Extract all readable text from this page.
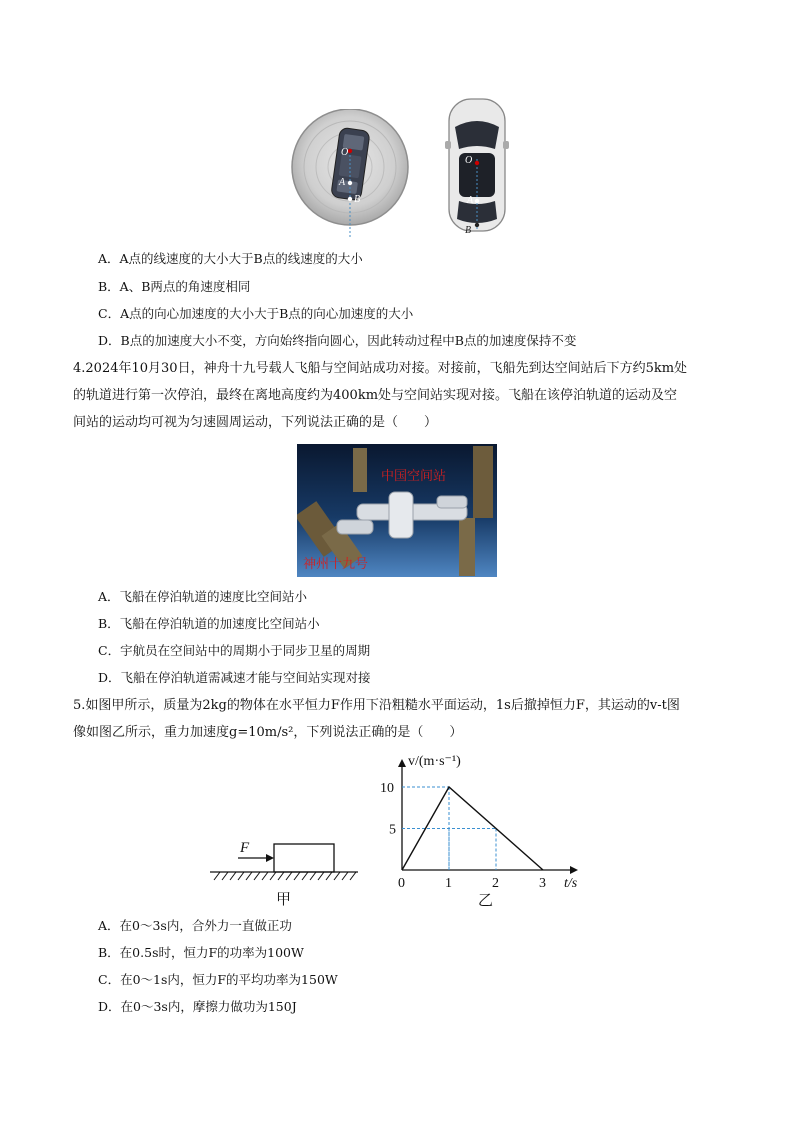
O
A
B
O
A
B
A．A点的线速度的大小大于B点的线速度的大小
B．A、B两点的角速度相同
C．A点的向心加速度的大小大于B点的向心加速度的大小
D．B点的加速度大小不变，方向始终指向圆心，因此转动过程中B点的加速度保持不变
4.2024年10月30日，神舟十九号载人飞船与空间站成功对接。对接前，飞船先到达空间站后下方约5km处
的轨道进行第一次停泊，最终在离地高度约为400km处与空间站实现对接。飞船在该停泊轨道的运动及空
间站的运动均可视为匀速圆周运动，下列说法正确的是（　　）
中国空间站
神州十九号
A．飞船在停泊轨道的速度比空间站小
B．飞船在停泊轨道的加速度比空间站小
C．宇航员在空间站中的周期小于同步卫星的周期
D．飞船在停泊轨道需减速才能与空间站实现对接
5.如图甲所示，质量为2kg的物体在水平恒力F作用下沿粗糙水平面运动，1s后撤掉恒力F，其运动的v-t图
像如图乙所示，重力加速度g=10m/s²，下列说法正确的是（　　）
F
甲
v/(m·s⁻¹)
t/s
乙
0	1	2	3
5
10
A．在0～3s内，合外力一直做正功
B．在0.5s时，恒力F的功率为100W
C．在0～1s内，恒力F的平均功率为150W
D．在0～3s内，摩擦力做功为150J
